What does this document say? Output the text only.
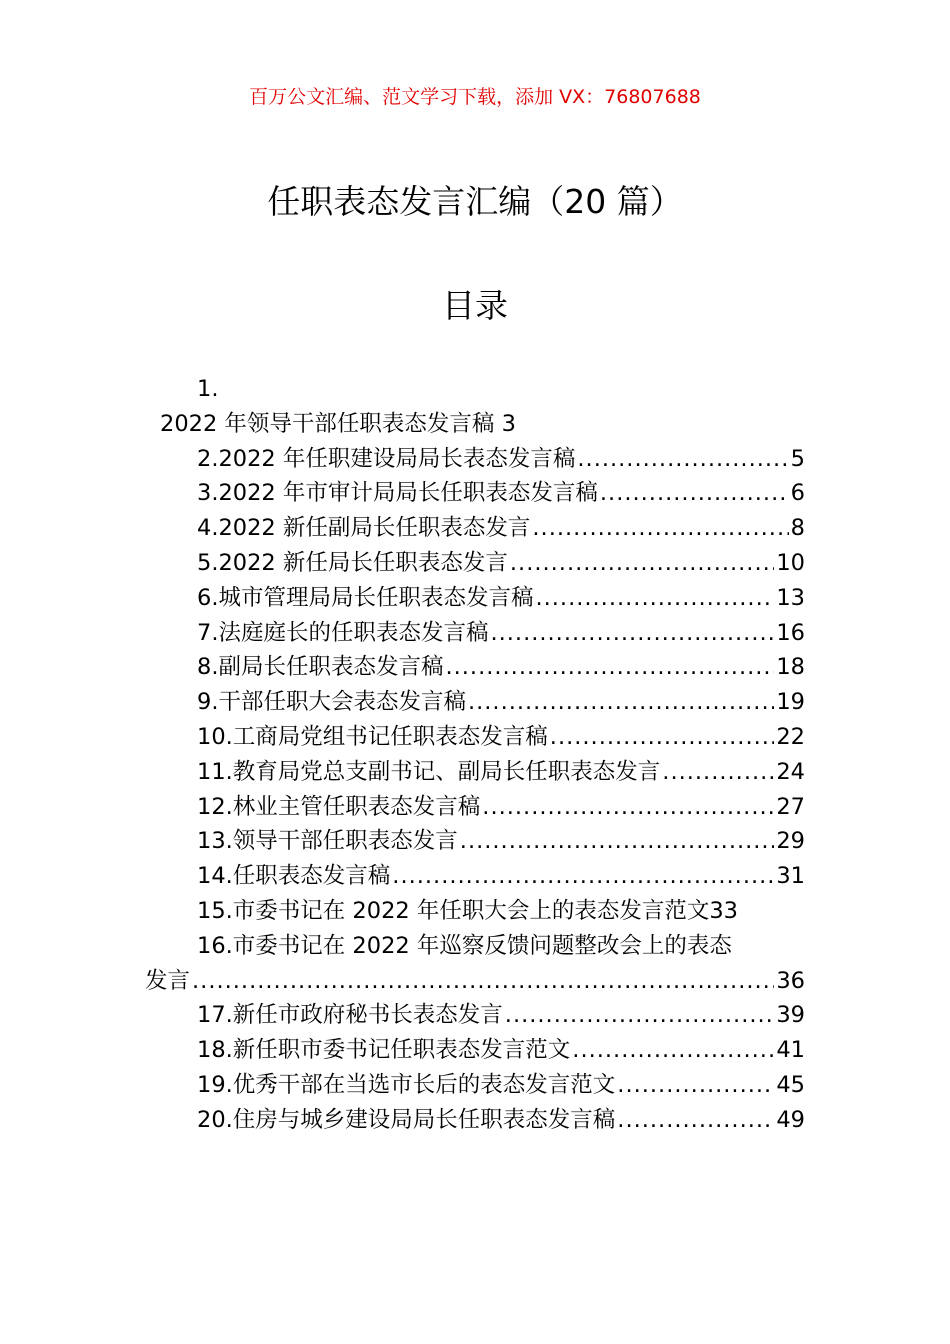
百万公文汇编、范文学习下载，添加 VX：76807688
任职表态发言汇编（20 篇）
目录
1.
2022 年领导干部任职表态发言稿 3
2.2022 年任职建设局局长表态发言稿 .....	5
3.2022 年市审计局局长任职表态发言稿 .....	6
4.2022 新任副局长任职表态发言 .....	8
5.2022 新任局长任职表态发言 .....	10
6.城市管理局局长任职表态发言稿 .....	13
7.法庭庭长的任职表态发言稿 .....	16
8.副局长任职表态发言稿 .....	18
9.干部任职大会表态发言稿 .....	19
10.工商局党组书记任职表态发言稿 .....	22
11.教育局党总支副书记、副局长任职表态发言 .....	24
12.林业主管任职表态发言稿 .....	27
13.领导干部任职表态发言 .....	29
14.任职表态发言稿 .....	31
15.市委书记在 2022 年任职大会上的表态发言范文 33
16.市委书记在 2022 年巡察反馈问题整改会上的表态
发言 .....	36
17.新任市政府秘书长表态发言 .....	39
18.新任职市委书记任职表态发言范文 .....	41
19.优秀干部在当选市长后的表态发言范文 .....	45
20.住房与城乡建设局局长任职表态发言稿 .....	49
